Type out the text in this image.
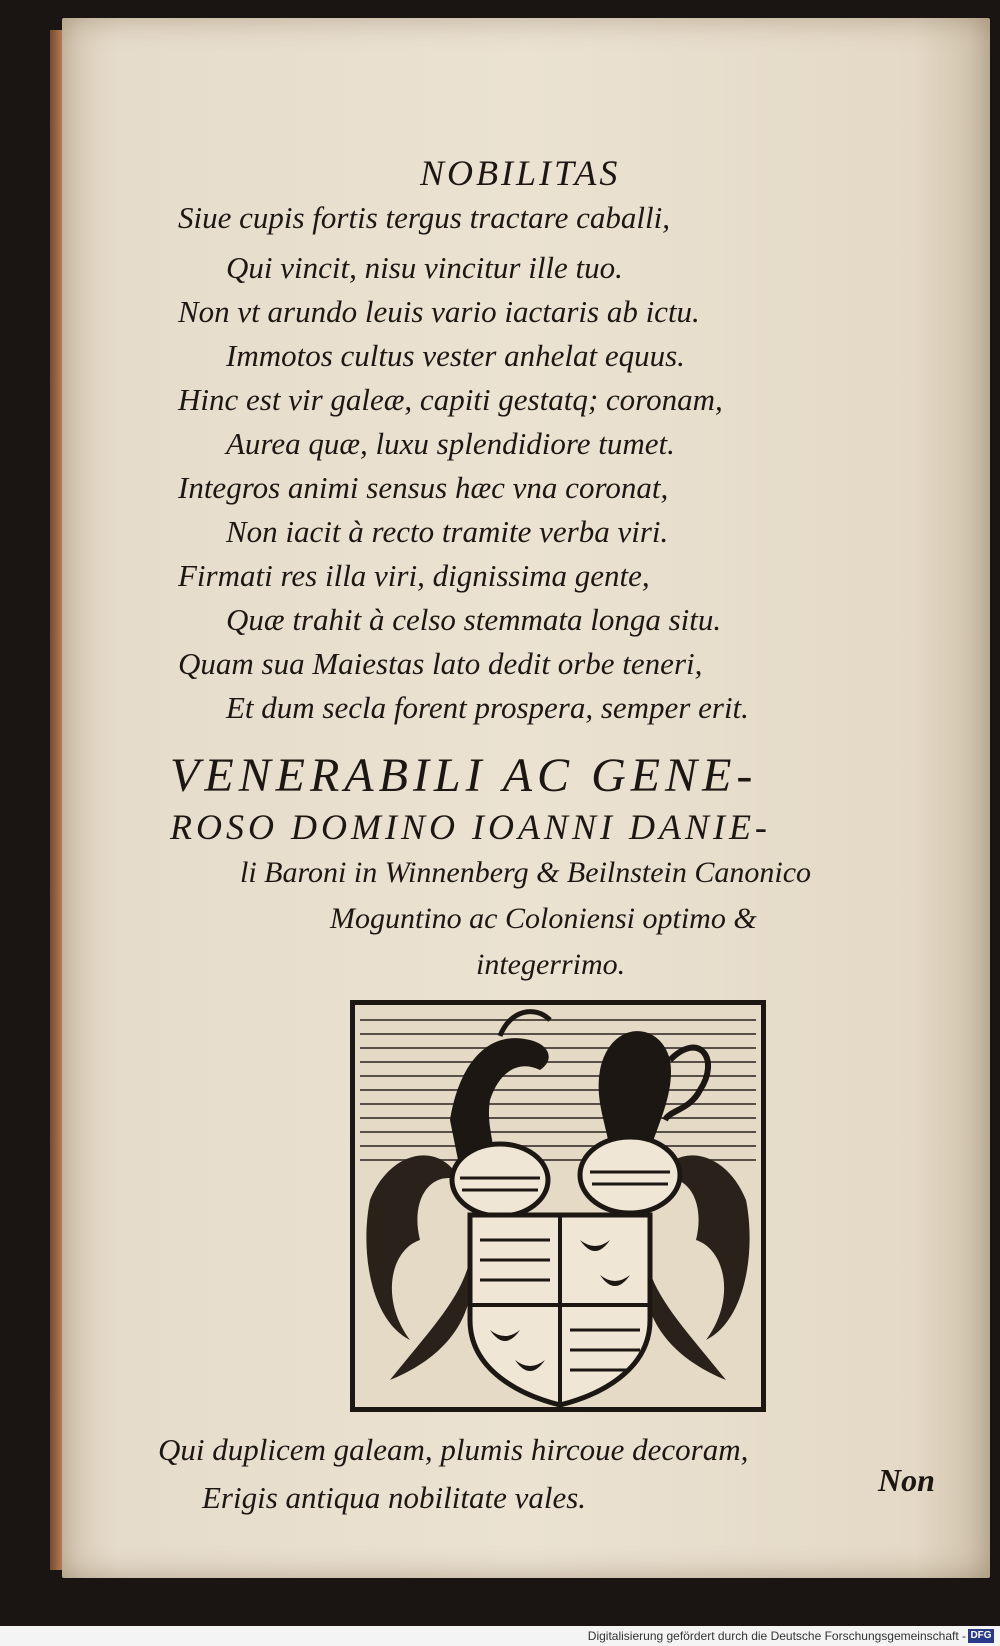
NOBILITAS
Siue cupis fortis tergus tractare caballi,
Qui vincit, nisu vincitur ille tuo.
Non vt arundo leuis vario iactaris ab ictu.
Immotos cultus vester anhelat equus.
Hinc est vir galeæ, capiti gestatq; coronam,
Aurea quæ, luxu splendidiore tumet.
Integros animi sensus hæc vna coronat,
Non iacit à recto tramite verba viri.
Firmati res illa viri, dignissima gente,
Quæ trahit à celso stemmata longa situ.
Quam sua Maiestas lato dedit orbe teneri,
Et dum secla forent prospera, semper erit.
VENERABILI AC GENE-
ROSO DOMINO IOANNI DANIE-
li Baroni in Winnenberg & Beilnstein Canonico
Moguntino ac Coloniensi optimo &
integerrimo.
Qui duplicem galeam, plumis hircoue decoram,
Erigis antiqua nobilitate vales.	Non
Digitalisierung gefördert durch die Deutsche Forschungsgemeinschaft - DFG
